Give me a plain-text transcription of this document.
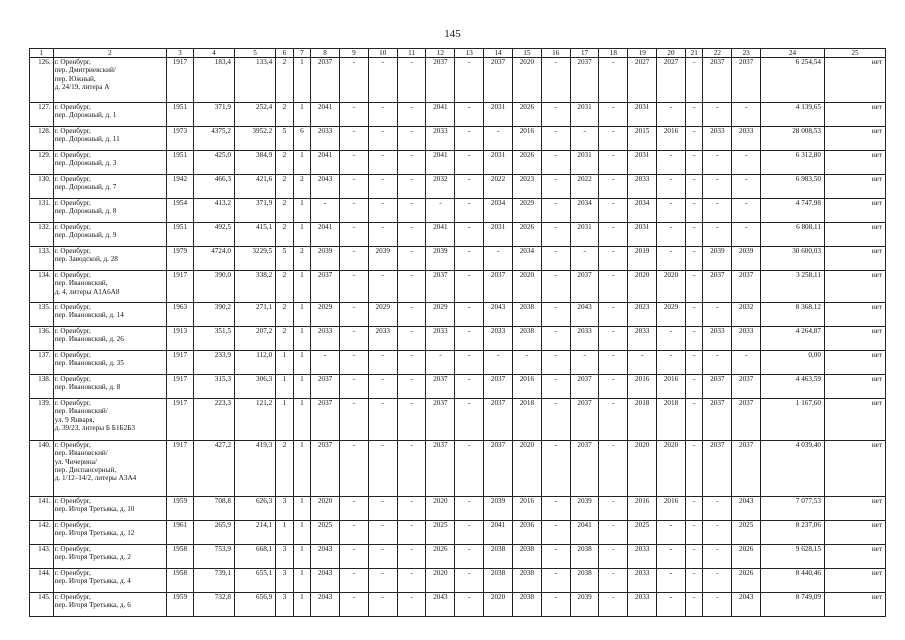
145
1	2	3	4	5	6	7	8	9	10	11	12	13	14	15	16	17	18	19	20	21	22	23	24	25
126.	г. Оренбург,
пер. Дмитриевский/
пер. Южный,
д. 24/19, литера А	1917	183,4	133,4	2	1	2037	-	-	-	2037	-	2037	2020	-	2037	-	2027	2027	-	2037	2037	6 254,54	нет
127.	г. Оренбург,
пер. Дорожный, д. 1	1951	371,9	252,4	2	1	2041	-	-	-	2041	-	2031	2026	-	2031	-	2031	-	-	-	-	4 139,65	нет
128.	г. Оренбург,
пер. Дорожный, д. 11	1973	4375,2	3952,2	5	6	2033	-	-	-	2033	-	-	2016	-	-	-	2015	2016	-	2033	2033	28 008,53	нет
129.	г. Оренбург,
пер. Дорожный, д. 3	1951	425,0	384,9	2	1	2041	-	-	-	2041	-	2031	2026	-	2031	-	2031	-	-	-	-	6 312,80	нет
130.	г. Оренбург,
пер. Дорожный, д. 7	1942	466,3	421,6	2	2	2043	-	-	-	2032	-	2022	2023	-	2022	-	2033	-	-	-	-	6 983,50	нет
131.	г. Оренбург,
пер. Дорожный, д. 8	1954	413,2	371,9	2	1	-	-	-	-	-	-	2034	2029	-	2034	-	2034	-	-	-	-	4 747,98	нет
132.	г. Оренбург,
пер. Дорожный, д. 9	1951	492,5	415,1	2	1	2041	-	-	-	2041	-	2031	2026	-	2031	-	2031	-	-	-	-	6 808,11	нет
133.	г. Оренбург,
пер. Заводской, д. 28	1979	4724,0	3229,5	5	2	2039	-	2039	-	2039	-	-	2034	-	-	-	2019	-	-	2039	2039	30 600,03	нет
134.	г. Оренбург,
пер. Ивановский,
д. 4, литеры А1А6А8	1917	390,0	338,2	2	1	2037	-	-	-	2037	-	2037	2020	-	2037	-	2020	2020	-	2037	2037	3 258,11	нет
135.	г. Оренбург,
пер. Ивановский, д. 14	1963	390,2	271,1	2	1	2029	-	2029	-	2029	-	2043	2038	-	2043	-	2023	2029	-	-	2032	8 368,12	нет
136.	г. Оренбург,
пер. Ивановский, д. 26	1913	351,5	207,2	2	1	2033	-	2033	-	2033	-	2033	2038	-	2033	-	2033	-	-	2033	2033	4 264,87	нет
137.	г. Оренбург,
пер. Ивановский, д. 35	1917	233,9	112,0	1	1	-	-	-	-	-	-	-	-	-	-	-	-	-	-	-	-	0,00	нет
138.	г. Оренбург,
пер. Ивановский, д. 8	1917	315,3	306,3	1	1	2037	-	-	-	2037	-	2037	2016	-	2037	-	2016	2016	-	2037	2037	4 463,59	нет
139.	г. Оренбург,
пер. Ивановский/
ул. 9 Января,
д. 39/23, литеры Б Б1Б2Б3	1917	223,3	121,2	1	1	2037	-	-	-	2037	-	2037	2018	-	2037	-	2018	2018	-	2037	2037	1 167,60	нет
140.	г. Оренбург,
пер. Ивановский/
ул. Чичерина/
пер. Диспансерный,
д. 1/12–14/2, литеры А3А4	1917	427,2	419,3	2	1	2037	-	-	-	2037	-	2037	2020	-	2037	-	2020	2020	-	2037	2037	4 039,40	нет
141.	г. Оренбург,
пер. Игоря Третьяка, д. 10	1959	708,8	626,3	3	1	2020	-	-	-	2020	-	2039	2016	-	2039	-	2016	2016	-	-	2043	7 077,53	нет
142.	г. Оренбург,
пер. Игоря Третьяка, д. 12	1961	265,9	214,1	1	1	2025	-	-	-	2025	-	2041	2036	-	2041	-	2025	-	-	-	2025	8 237,06	нет
143.	г. Оренбург,
пер. Игоря Третьяка, д. 2	1958	753,9	668,1	3	1	2043	-	-	-	2026	-	2038	2038	-	2038	-	2033	-	-	-	2026	9 628,15	нет
144.	г. Оренбург,
пер. Игоря Третьяка, д. 4	1958	739,1	655,1	3	1	2043	-	-	-	2020	-	2038	2038	-	2038	-	2033	-	-	-	2026	8 440,46	нет
145.	г. Оренбург,
пер. Игоря Третьяка, д. 6	1959	732,8	656,9	3	1	2043	-	-	-	2043	-	2020	2038	-	2039	-	2033	-	-	-	2043	8 749,09	нет
